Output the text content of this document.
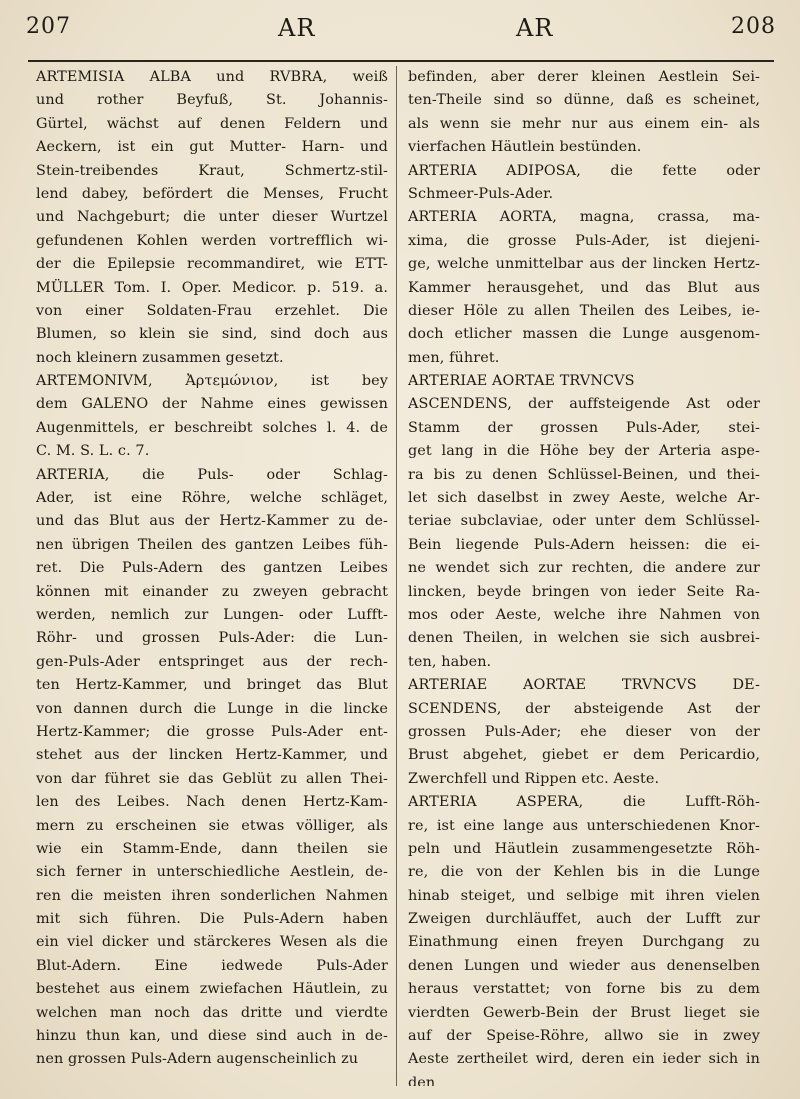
207	AR	AR	208
ARTEMISIA ALBA und RVBRA, weiß
und rother Beyfuß, St. Johannis-
Gürtel, wächst auf denen Feldern und
Aeckern, ist ein gut Mutter- Harn- und
Stein-treibendes Kraut, Schmertz-stil-
lend dabey, befördert die Menses, Frucht
und Nachgeburt; die unter dieser Wurtzel
gefundenen Kohlen werden vortrefflich wi-
der die Epilepsie recommandiret, wie ETT-
MÜLLER Tom. I. Oper. Medicor. p. 519. a.
von einer Soldaten-Frau erzehlet. Die
Blumen, so klein sie sind, sind doch aus
noch kleinern zusammen gesetzt.
ARTEMONIVM, Ἀρτεμώνιον, ist bey
dem GALENO der Nahme eines gewissen
Augenmittels, er beschreibt solches l. 4. de
C. M. S. L. c. 7.
ARTERIA, die Puls- oder Schlag-
Ader, ist eine Röhre, welche schläget,
und das Blut aus der Hertz-Kammer zu de-
nen übrigen Theilen des gantzen Leibes füh-
ret. Die Puls-Adern des gantzen Leibes
können mit einander zu zweyen gebracht
werden, nemlich zur Lungen- oder Lufft-
Röhr- und grossen Puls-Ader: die Lun-
gen-Puls-Ader entspringet aus der rech-
ten Hertz-Kammer, und bringet das Blut
von dannen durch die Lunge in die lincke
Hertz-Kammer; die grosse Puls-Ader ent-
stehet aus der lincken Hertz-Kammer, und
von dar führet sie das Geblüt zu allen Thei-
len des Leibes. Nach denen Hertz-Kam-
mern zu erscheinen sie etwas völliger, als
wie ein Stamm-Ende, dann theilen sie
sich ferner in unterschiedliche Aestlein, de-
ren die meisten ihren sonderlichen Nahmen
mit sich führen. Die Puls-Adern haben
ein viel dicker und stärckeres Wesen als die
Blut-Adern. Eine iedwede Puls-Ader
bestehet aus einem zwiefachen Häutlein, zu
welchen man noch das dritte und vierdte
hinzu thun kan, und diese sind auch in de-
nen grossen Puls-Adern augenscheinlich zu
befinden, aber derer kleinen Aestlein Sei-
ten-Theile sind so dünne, daß es scheinet,
als wenn sie mehr nur aus einem ein- als
vierfachen Häutlein bestünden.
ARTERIA ADIPOSA, die fette oder
Schmeer-Puls-Ader.
ARTERIA AORTA, magna, crassa, ma-
xima, die grosse Puls-Ader, ist diejeni-
ge, welche unmittelbar aus der lincken Hertz-
Kammer herausgehet, und das Blut aus
dieser Höle zu allen Theilen des Leibes, ie-
doch etlicher massen die Lunge ausgenom-
men, führet.
ARTERIAE AORTAE TRVNCVS
ASCENDENS, der auffsteigende Ast oder
Stamm der grossen Puls-Ader, stei-
get lang in die Höhe bey der Arteria aspe-
ra bis zu denen Schlüssel-Beinen, und thei-
let sich daselbst in zwey Aeste, welche Ar-
teriae subclaviae, oder unter dem Schlüssel-
Bein liegende Puls-Adern heissen: die ei-
ne wendet sich zur rechten, die andere zur
lincken, beyde bringen von ieder Seite Ra-
mos oder Aeste, welche ihre Nahmen von
denen Theilen, in welchen sie sich ausbrei-
ten, haben.
ARTERIAE AORTAE TRVNCVS DE-
SCENDENS, der absteigende Ast der
grossen Puls-Ader; ehe dieser von der
Brust abgehet, giebet er dem Pericardio,
Zwerchfell und Rippen etc. Aeste.
ARTERIA ASPERA, die Lufft-Röh-
re, ist eine lange aus unterschiedenen Knor-
peln und Häutlein zusammengesetzte Röh-
re, die von der Kehlen bis in die Lunge
hinab steiget, und selbige mit ihren vielen
Zweigen durchläuffet, auch der Lufft zur
Einathmung einen freyen Durchgang zu
denen Lungen und wieder aus denenselben
heraus verstattet; von forne bis zu dem
vierdten Gewerb-Bein der Brust lieget sie
auf der Speise-Röhre, allwo sie in zwey
Aeste zertheilet wird, deren ein ieder sich in
den
